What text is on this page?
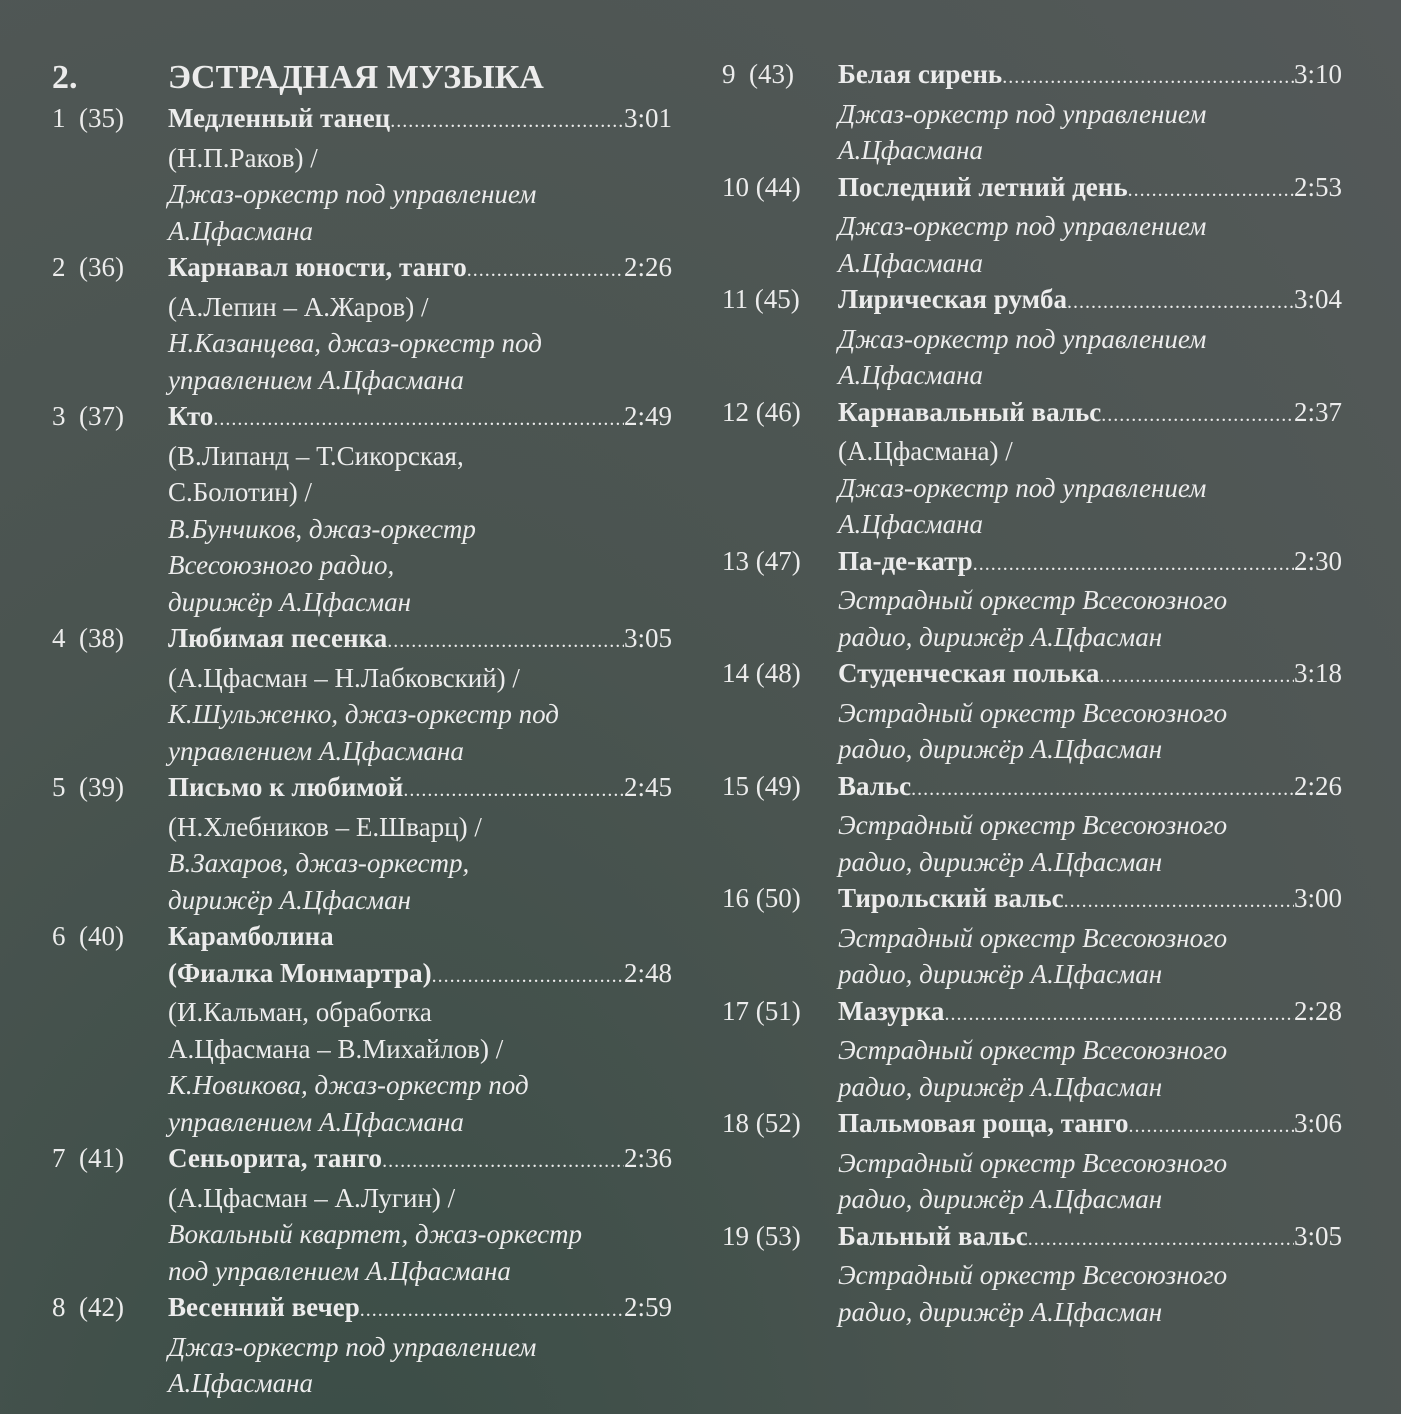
2.	ЭСТРАДНАЯ МУЗЫКА
1  (35)	Медленный танец .....	3:01
(Н.П.Раков) /
Джаз-оркестр под управлением
А.Цфасмана
2  (36)	Карнавал юности, танго .....	2:26
(А.Лепин – А.Жаров) /
Н.Казанцева, джаз-оркестр под
управлением А.Цфасмана
3  (37)	Кто .....	2:49
(В.Липанд – Т.Сикорская,
С.Болотин) /
В.Бунчиков, джаз-оркестр
Всесоюзного радио,
дирижёр А.Цфасман
4  (38)	Любимая песенка .....	3:05
(А.Цфасман – Н.Лабковский) /
К.Шульженко, джаз-оркестр под
управлением А.Цфасмана
5  (39)	Письмо к любимой .....	2:45
(Н.Хлебников – Е.Шварц) /
В.Захаров, джаз-оркестр,
дирижёр А.Цфасман
6  (40)	Карамболина
(Фиалка Монмартра) .....	2:48
(И.Кальман, обработка
А.Цфасмана – В.Михайлов) /
К.Новикова, джаз-оркестр под
управлением А.Цфасмана
7  (41)	Сеньорита, танго .....	2:36
(А.Цфасман – А.Лугин) /
Вокальный квартет, джаз-оркестр
под управлением А.Цфасмана
8  (42)	Весенний вечер .....	2:59
Джаз-оркестр под управлением
А.Цфасмана
9  (43)	Белая сирень .....	3:10
Джаз-оркестр под управлением
А.Цфасмана
10 (44)	Последний летний день .....	2:53
Джаз-оркестр под управлением
А.Цфасмана
11 (45)	Лирическая румба .....	3:04
Джаз-оркестр под управлением
А.Цфасмана
12 (46)	Карнавальный вальс .....	2:37
(А.Цфасмана) /
Джаз-оркестр под управлением
А.Цфасмана
13 (47)	Па-де-катр .....	2:30
Эстрадный оркестр Всесоюзного
радио, дирижёр А.Цфасман
14 (48)	Студенческая полька .....	3:18
Эстрадный оркестр Всесоюзного
радио, дирижёр А.Цфасман
15 (49)	Вальс .....	2:26
Эстрадный оркестр Всесоюзного
радио, дирижёр А.Цфасман
16 (50)	Тирольский вальс .....	3:00
Эстрадный оркестр Всесоюзного
радио, дирижёр А.Цфасман
17 (51)	Мазурка .....	2:28
Эстрадный оркестр Всесоюзного
радио, дирижёр А.Цфасман
18 (52)	Пальмовая роща, танго .....	3:06
Эстрадный оркестр Всесоюзного
радио, дирижёр А.Цфасман
19 (53)	Бальный вальс .....	3:05
Эстрадный оркестр Всесоюзного
радио, дирижёр А.Цфасман
